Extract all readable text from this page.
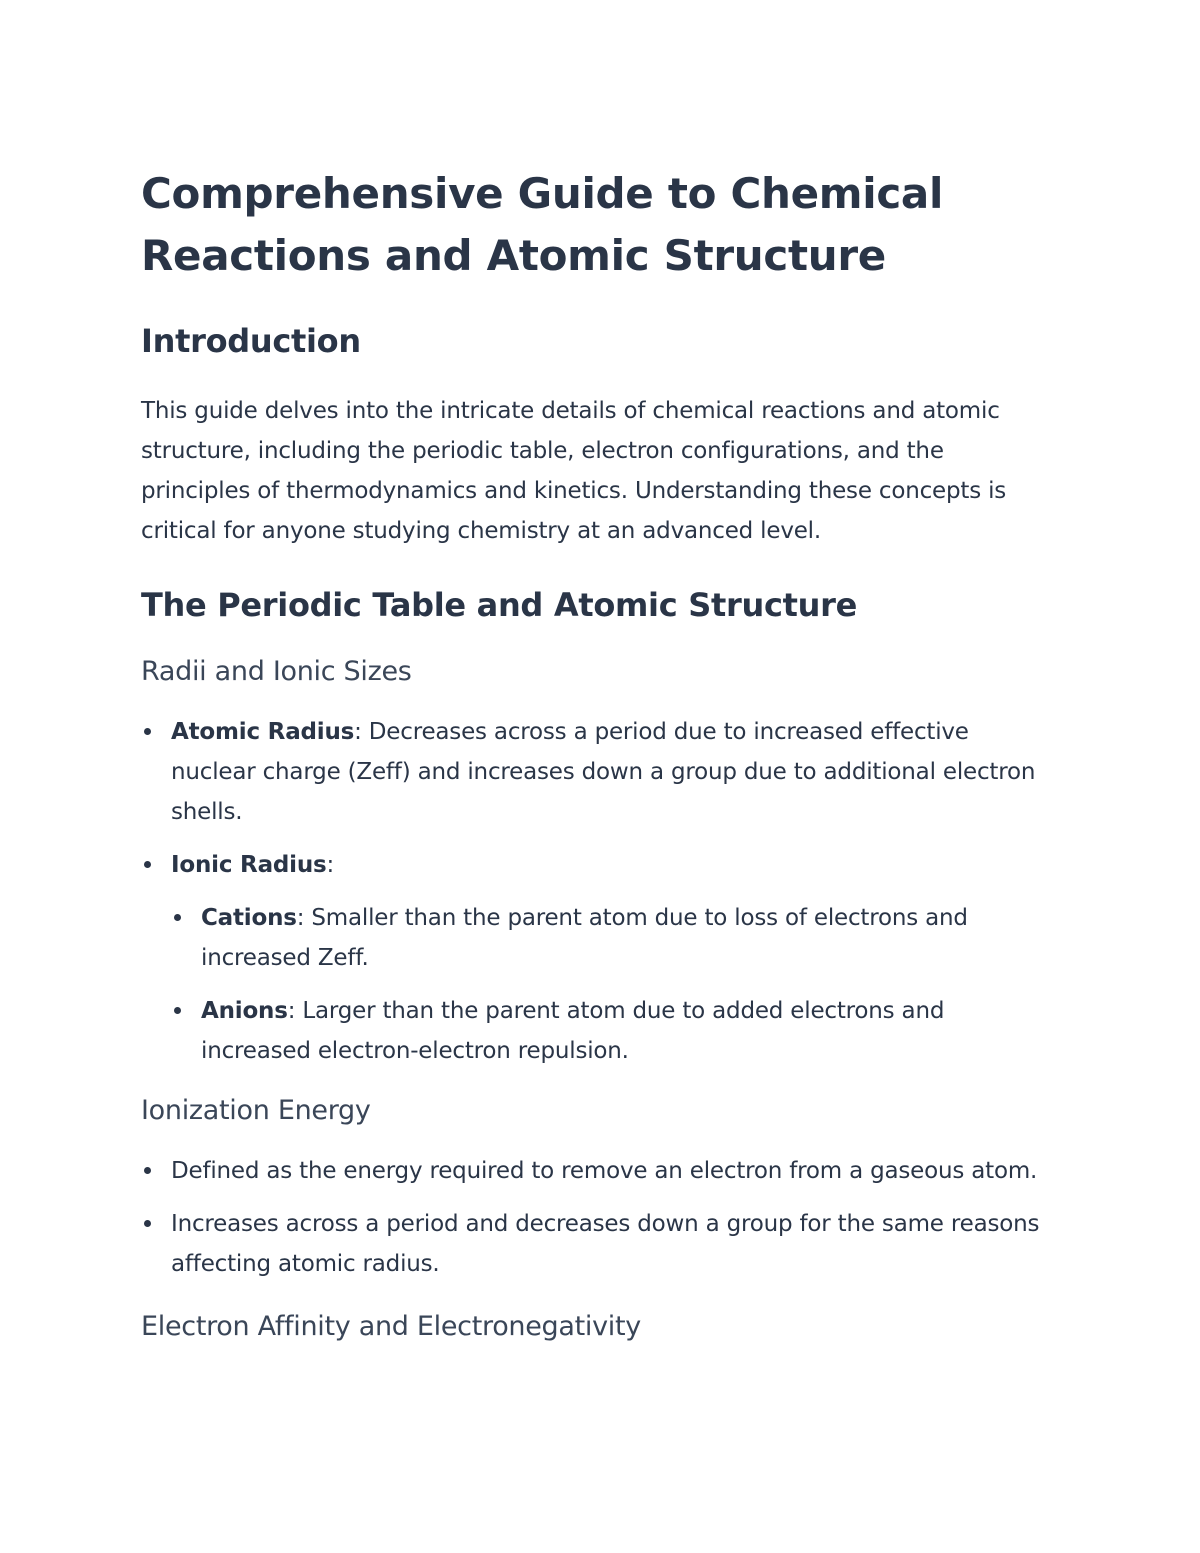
Comprehensive Guide to Chemical Reactions and Atomic Structure
Introduction

This guide delves into the intricate details of chemical reactions and atomic structure, including the periodic table, electron configurations, and the principles of thermodynamics and kinetics. Understanding these concepts is critical for anyone studying chemistry at an advanced level.

The Periodic Table and Atomic Structure
Radii and Ionic Sizes
Atomic Radius: Decreases across a period due to increased effective nuclear charge (Zeff) and increases down a group due to additional electron shells.
Ionic Radius:
Cations: Smaller than the parent atom due to loss of electrons and increased Zeff.
Anions: Larger than the parent atom due to added electrons and increased electron-electron repulsion.
Ionization Energy
Defined as the energy required to remove an electron from a gaseous atom.
Increases across a period and decreases down a group for the same reasons affecting atomic radius.
Electron Affinity and Electronegativity
